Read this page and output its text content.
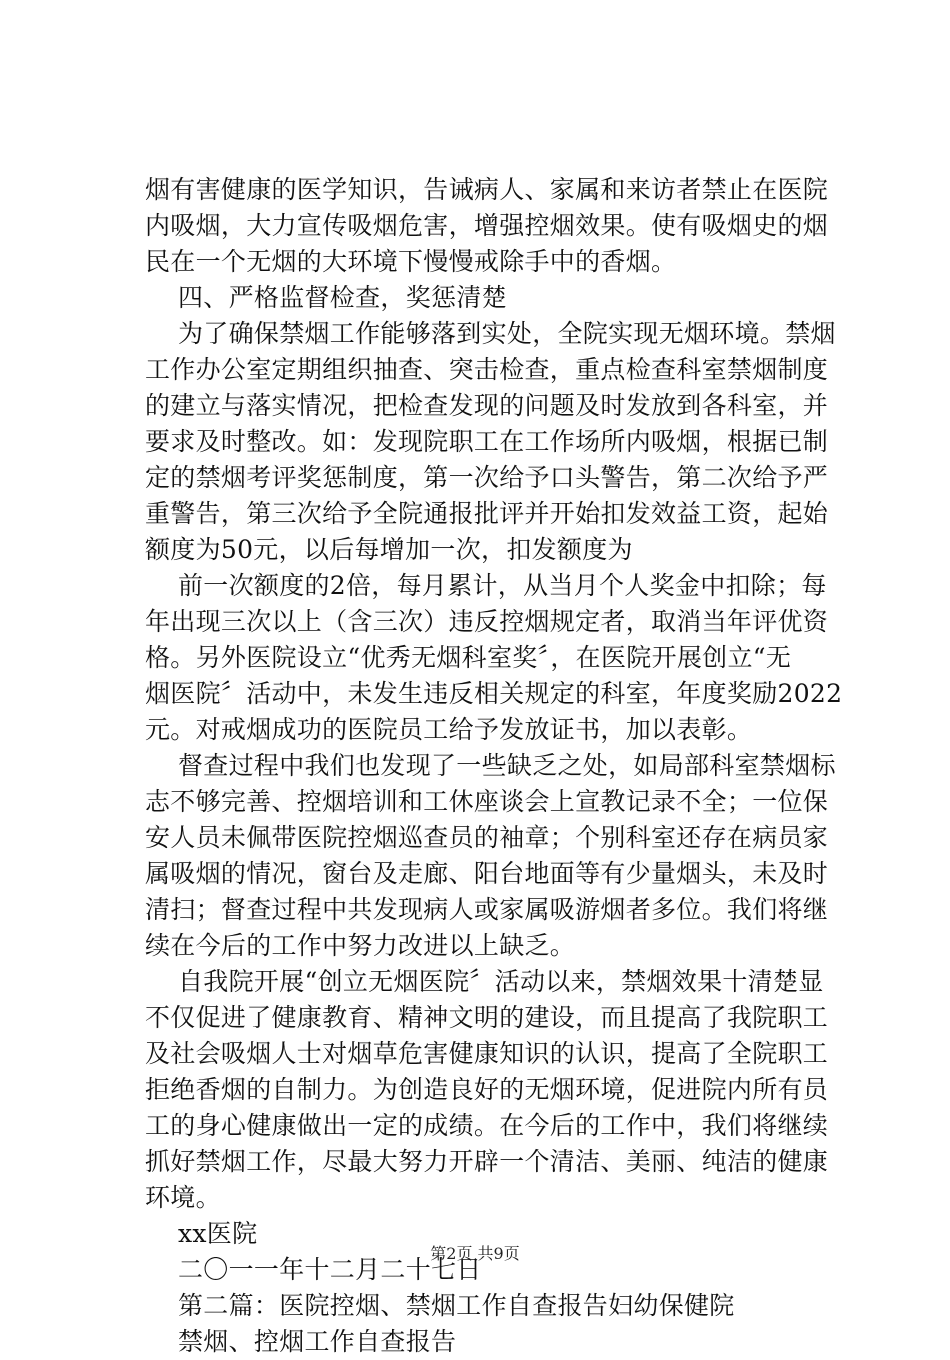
烟有害健康的医学知识，告诫病人、家属和来访者禁止在医院
内吸烟，大力宣传吸烟危害，增强控烟效果。使有吸烟史的烟
民在一个无烟的大环境下慢慢戒除手中的香烟。
四、严格监督检查，奖惩清楚
为了确保禁烟工作能够落到实处，全院实现无烟环境。禁烟
工作办公室定期组织抽查、突击检查，重点检查科室禁烟制度
的建立与落实情况，把检查发现的问题及时发放到各科室，并
要求及时整改。如：发现院职工在工作场所内吸烟，根据已制
定的禁烟考评奖惩制度，第一次给予口头警告，第二次给予严
重警告，第三次给予全院通报批评并开始扣发效益工资，起始
额度为50元，以后每增加一次，扣发额度为
前一次额度的2倍，每月累计，从当月个人奖金中扣除；每
年出现三次以上（含三次）违反控烟规定者，取消当年评优资
格。另外医院设立“优秀无烟科室奖〞，在医院开展创立“无
烟医院〞活动中，未发生违反相关规定的科室，年度奖励2022
元。对戒烟成功的医院员工给予发放证书，加以表彰。
督查过程中我们也发现了一些缺乏之处，如局部科室禁烟标
志不够完善、控烟培训和工休座谈会上宣教记录不全；一位保
安人员未佩带医院控烟巡查员的袖章；个别科室还存在病员家
属吸烟的情况，窗台及走廊、阳台地面等有少量烟头，未及时
清扫；督查过程中共发现病人或家属吸游烟者多位。我们将继
续在今后的工作中努力改进以上缺乏。
自我院开展“创立无烟医院〞活动以来，禁烟效果十清楚显
不仅促进了健康教育、精神文明的建设，而且提高了我院职工
及社会吸烟人士对烟草危害健康知识的认识，提高了全院职工
拒绝香烟的自制力。为创造良好的无烟环境，促进院内所有员
工的身心健康做出一定的成绩。在今后的工作中，我们将继续
抓好禁烟工作，尽最大努力开辟一个清洁、美丽、纯洁的健康
环境。
xx医院
二〇一一年十二月二十七日
第二篇：医院控烟、禁烟工作自查报告妇幼保健院
禁烟、控烟工作自查报告
第2页 共9页
